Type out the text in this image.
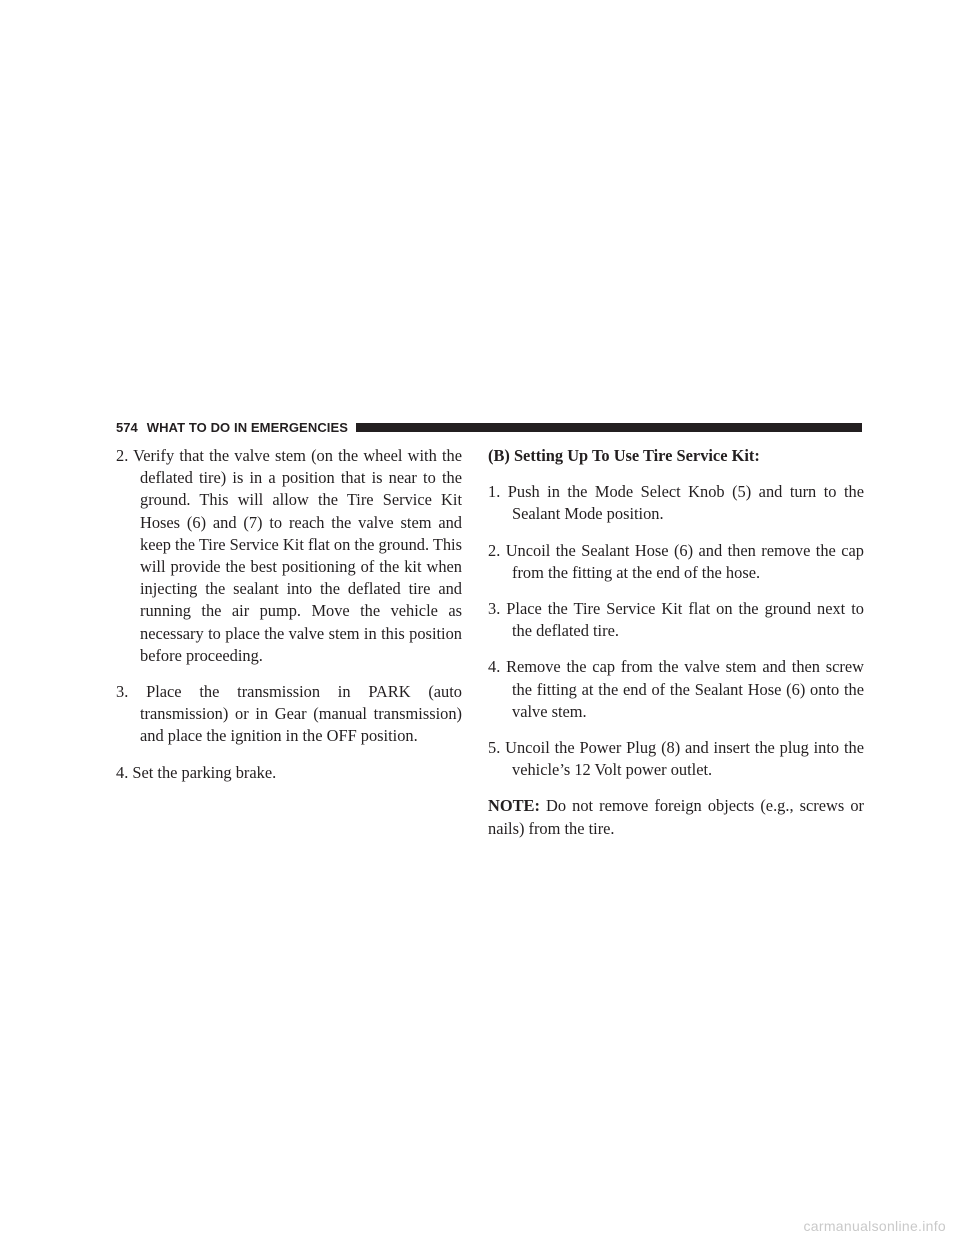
574 WHAT TO DO IN EMERGENCIES

2. Verify that the valve stem (on the wheel with the deflated tire) is in a position that is near to the ground. This will allow the Tire Service Kit Hoses (6) and (7) to reach the valve stem and keep the Tire Service Kit flat on the ground. This will provide the best positioning of the kit when injecting the sealant into the deflated tire and running the air pump. Move the vehicle as necessary to place the valve stem in this position before proceeding.

3. Place the transmission in PARK (auto transmission) or in Gear (manual transmission) and place the ignition in the OFF position.

4. Set the parking brake.

(B) Setting Up To Use Tire Service Kit:

1. Push in the Mode Select Knob (5) and turn to the Sealant Mode position.

2. Uncoil the Sealant Hose (6) and then remove the cap from the fitting at the end of the hose.

3. Place the Tire Service Kit flat on the ground next to the deflated tire.

4. Remove the cap from the valve stem and then screw the fitting at the end of the Sealant Hose (6) onto the valve stem.

5. Uncoil the Power Plug (8) and insert the plug into the vehicle’s 12 Volt power outlet.

NOTE: Do not remove foreign objects (e.g., screws or nails) from the tire.

carmanualsonline.info
